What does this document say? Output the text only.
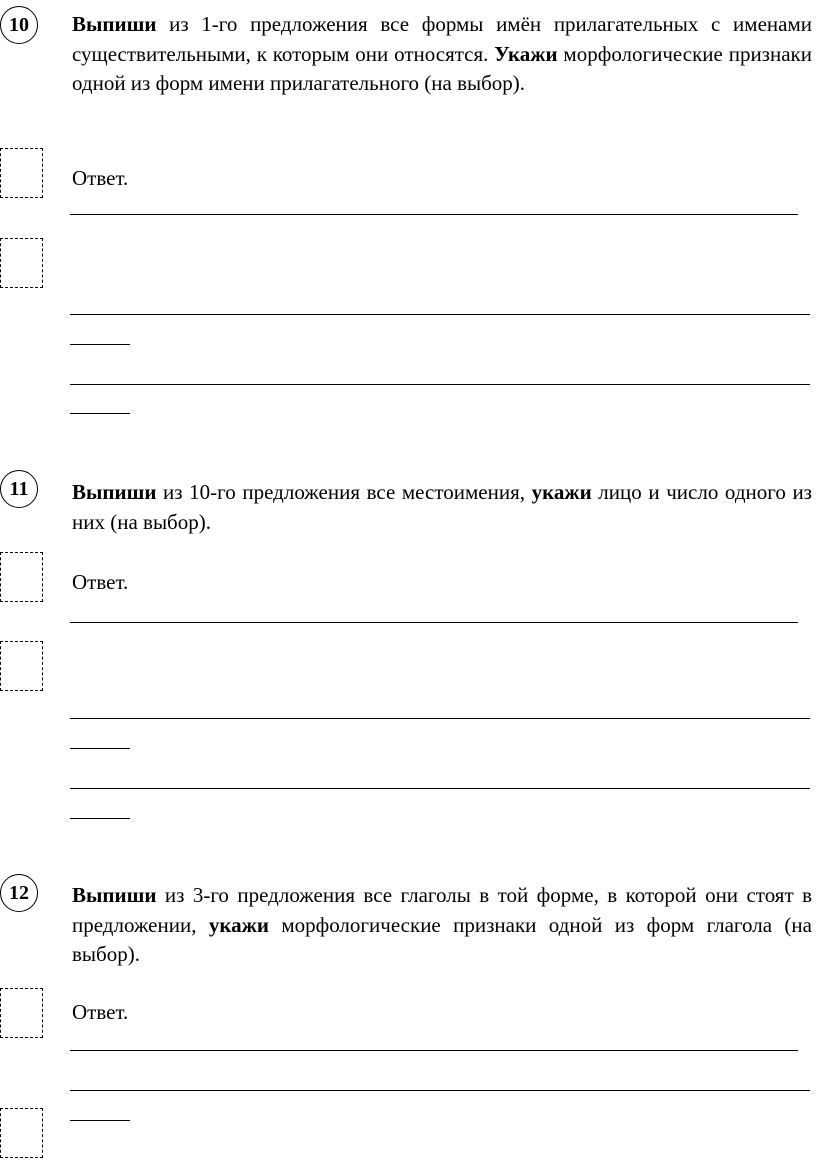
10	Выпиши из 1-го предложения все формы имён прилагательных с именами существительными, к которым они относятся. Укажи морфологические признаки одной из форм имени прилагательного (на выбор).
Ответ.
11	Выпиши из 10-го предложения все местоимения, укажи лицо и число одного из них (на выбор).
Ответ.
12	Выпиши из 3-го предложения все глаголы в той форме, в которой они стоят в предложении, укажи морфологические признаки одной из форм глагола (на выбор).
Ответ.
